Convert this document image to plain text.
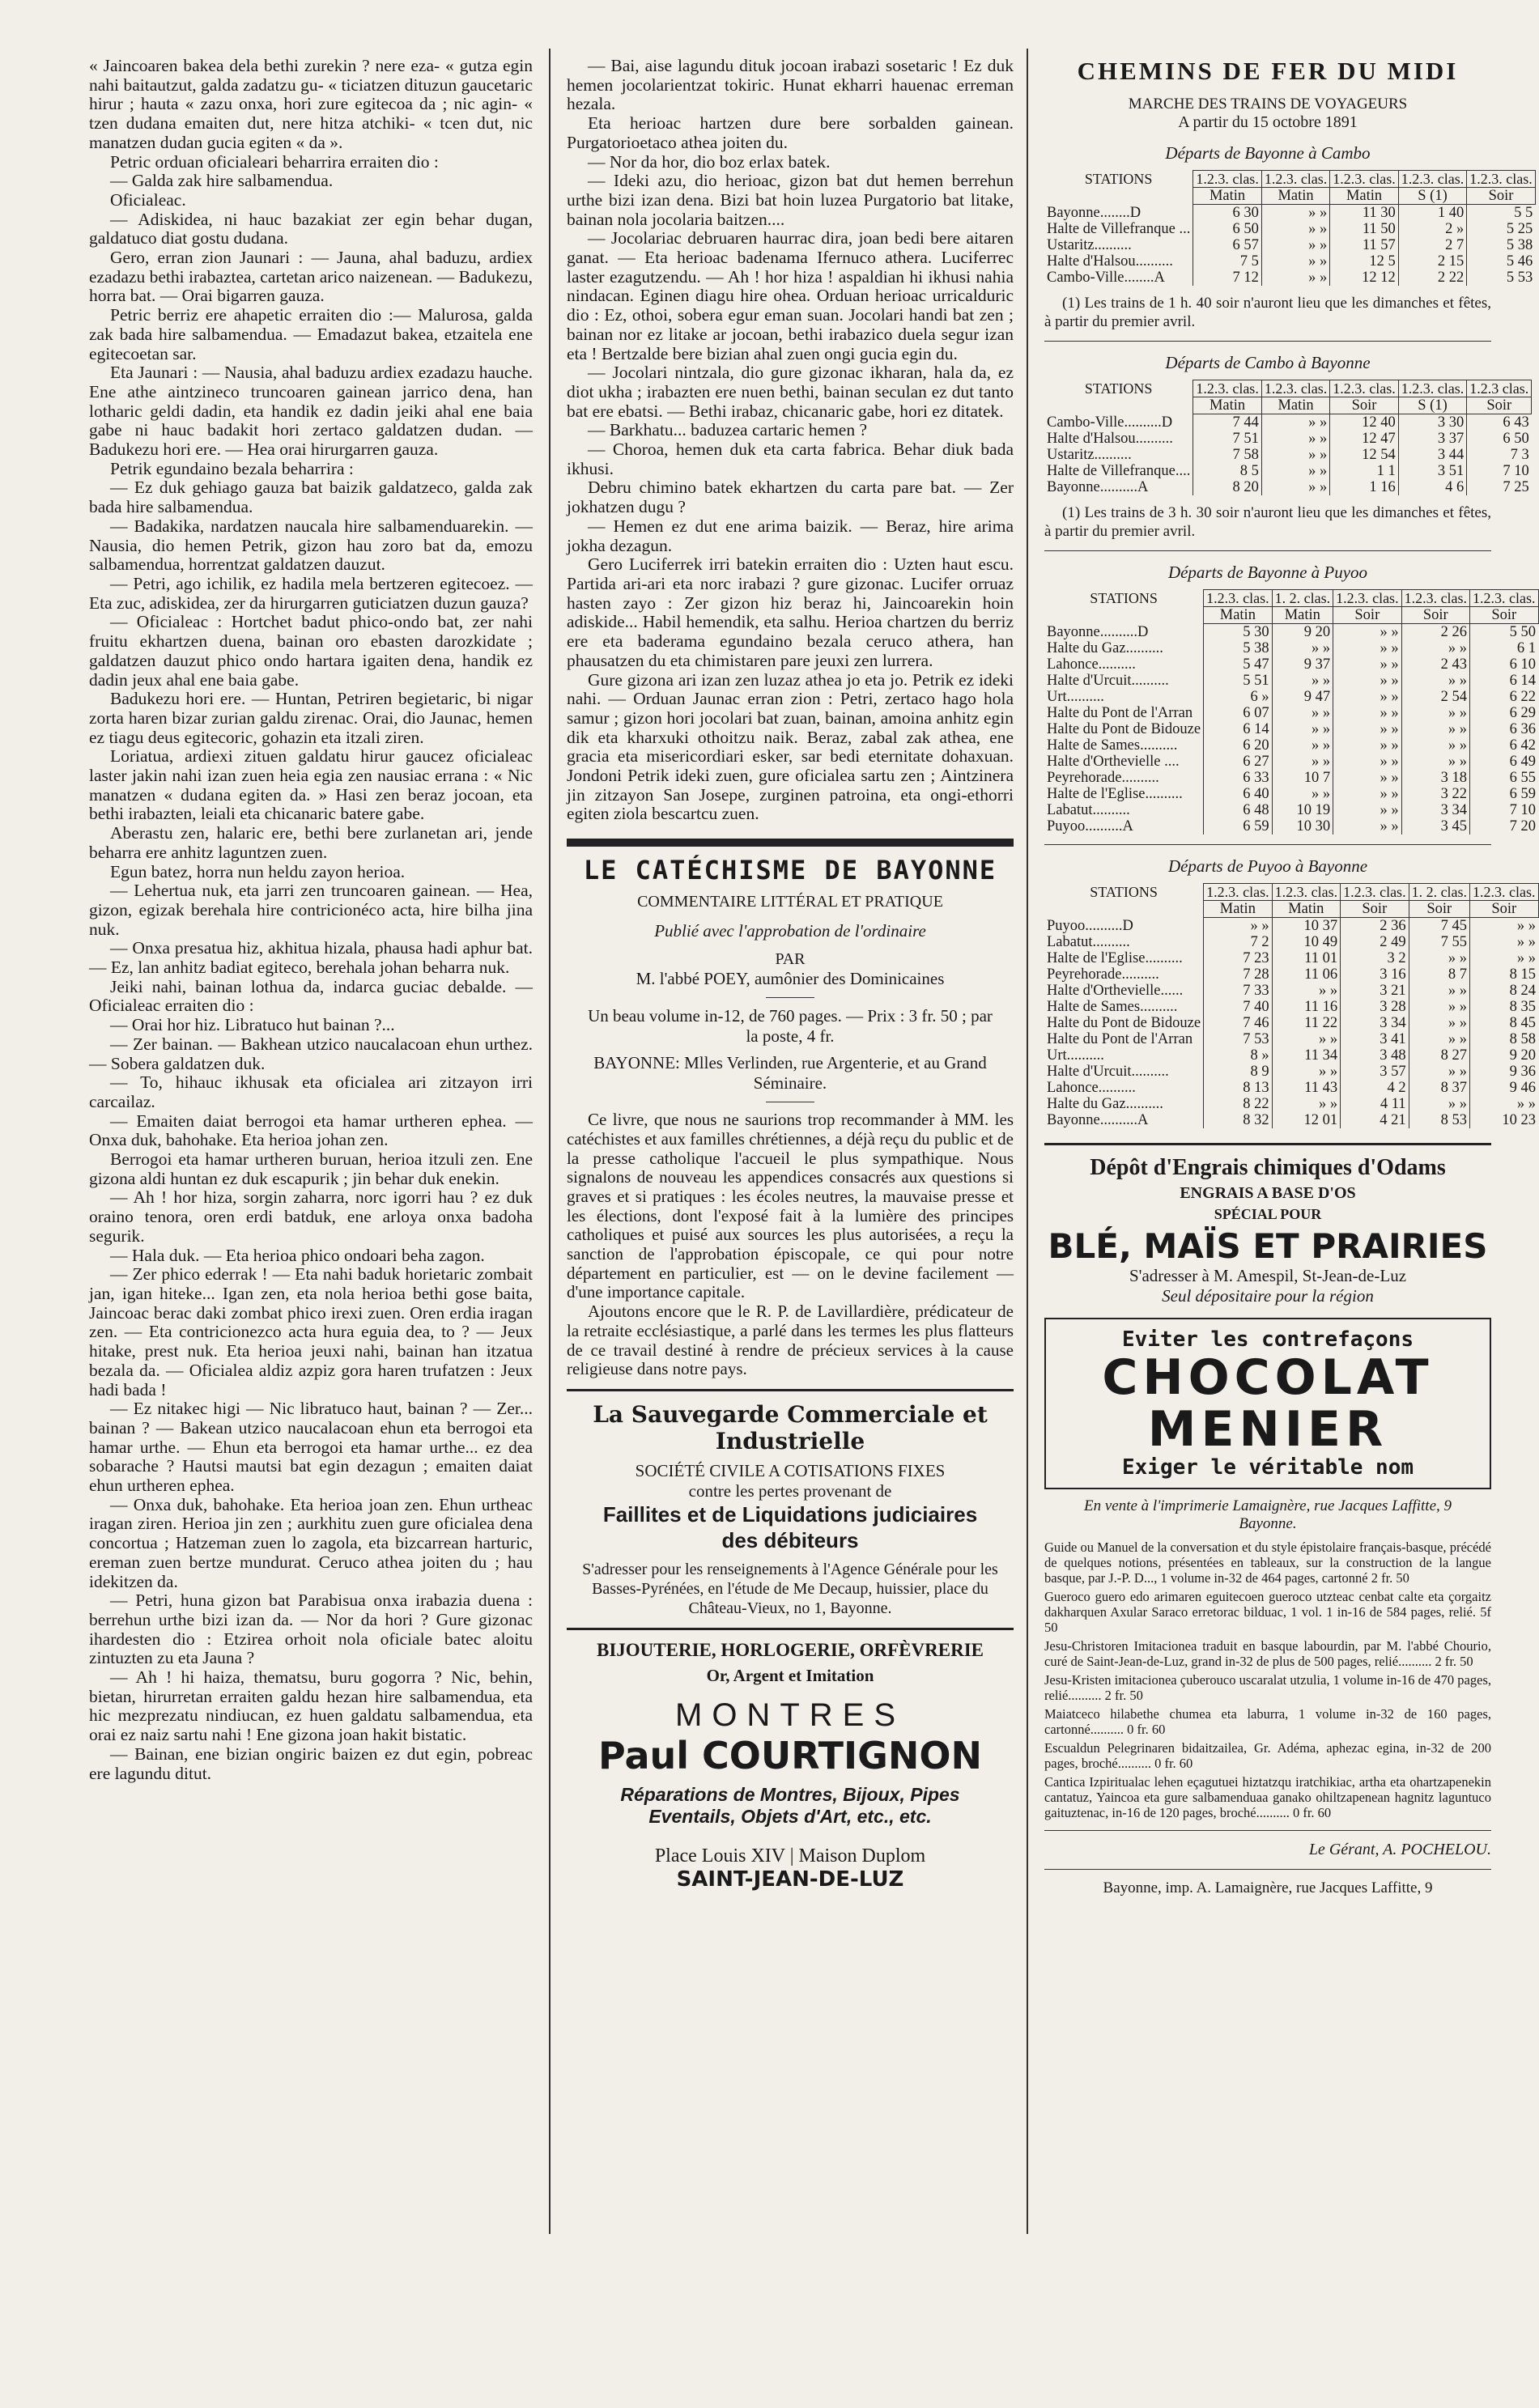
« Jaincoaren bakea dela bethi zurekin ? nere eza- « gutza egin nahi baitautzut, galda zadatzu gu- « ticiatzen dituzun gaucetaric hirur ; hauta « zazu onxa, hori zure egitecoa da ; nic agin- « tzen dudana emaiten dut, nere hitza atchiki- « tcen dut, nic manatzen dudan gucia egiten « da ».

Petric orduan oficialeari beharrira erraiten dio :

— Galda zak hire salbamendua.

Oficialeac.

— Adiskidea, ni hauc bazakiat zer egin behar dugan, galdatuco diat gostu dudana.

Gero, erran zion Jaunari : — Jauna, ahal baduzu, ardiex ezadazu bethi irabaztea, cartetan arico naizenean. — Badukezu, horra bat. — Orai bigarren gauza.

Petric berriz ere ahapetic erraiten dio :— Malurosa, galda zak bada hire salbamendua. — Emadazut bakea, etzaitela ene egitecoetan sar.

Eta Jaunari : — Nausia, ahal baduzu ardiex ezadazu hauche. Ene athe aintzineco truncoaren gainean jarrico dena, han lotharic geldi dadin, eta handik ez dadin jeiki ahal ene baia gabe ni hauc badakit hori zertaco galdatzen dudan. — Badukezu hori ere. — Hea orai hirurgarren gauza.

Petrik egundaino bezala beharrira :

— Ez duk gehiago gauza bat baizik galdatzeco, galda zak bada hire salbamendua.

— Badakika, nardatzen naucala hire salbamenduarekin. — Nausia, dio hemen Petrik, gizon hau zoro bat da, emozu salbamendua, horrentzat galdatzen dauzut.

— Petri, ago ichilik, ez hadila mela bertzeren egitecoez. — Eta zuc, adiskidea, zer da hirurgarren guticiatzen duzun gauza?

— Oficialeac : Hortchet badut phico-ondo bat, zer nahi fruitu ekhartzen duena, bainan oro ebasten darozkidate ; galdatzen dauzut phico ondo hartara igaiten dena, handik ez dadin jeux ahal ene baia gabe.

Badukezu hori ere. — Huntan, Petriren begietaric, bi nigar zorta haren bizar zurian galdu zirenac. Orai, dio Jaunac, hemen ez tiagu deus egitecoric, gohazin eta itzali ziren.

Loriatua, ardiexi zituen galdatu hirur gaucez oficialeac laster jakin nahi izan zuen heia egia zen nausiac errana : « Nic manatzen « dudana egiten da. » Hasi zen beraz jocoan, eta bethi irabazten, leiali eta chicanaric batere gabe.

Aberastu zen, halaric ere, bethi bere zurlanetan ari, jende beharra ere anhitz laguntzen zuen.

Egun batez, horra nun heldu zayon herioa.

— Lehertua nuk, eta jarri zen truncoaren gainean. — Hea, gizon, egizak berehala hire contricionéco acta, hire bilha jina nuk.

— Onxa presatua hiz, akhitua hizala, phausa hadi aphur bat. — Ez, lan anhitz badiat egiteco, berehala johan beharra nuk.

Jeiki nahi, bainan lothua da, indarca guciac debalde. — Oficialeac erraiten dio :

— Orai hor hiz. Libratuco hut bainan ?...

— Zer bainan. — Bakhean utzico naucalacoan ehun urthez. — Sobera galdatzen duk.

— To, hihauc ikhusak eta oficialea ari zitzayon irri carcailaz.

— Emaiten daiat berrogoi eta hamar urtheren ephea. — Onxa duk, bahohake. Eta herioa johan zen.

Berrogoi eta hamar urtheren buruan, herioa itzuli zen. Ene gizona aldi huntan ez duk escapurik ; jin behar duk enekin.

— Ah ! hor hiza, sorgin zaharra, norc igorri hau ? ez duk oraino tenora, oren erdi batduk, ene arloya onxa badoha segurik.

— Hala duk. — Eta herioa phico ondoari beha zagon.

— Zer phico ederrak ! — Eta nahi baduk horietaric zombait jan, igan hiteke... Igan zen, eta nola herioa bethi gose baita, Jaincoac berac daki zombat phico irexi zuen. Oren erdia iragan zen. — Eta contricionezco acta hura eguia dea, to ? — Jeux hitake, prest nuk. Eta herioa jeuxi nahi, bainan han itzatua bezala da. — Oficialea aldiz azpiz gora haren trufatzen : Jeux hadi bada !

— Ez nitakec higi — Nic libratuco haut, bainan ? — Zer... bainan ? — Bakean utzico naucalacoan ehun eta berrogoi eta hamar urthe. — Ehun eta berrogoi eta hamar urthe... ez dea sobarache ? Hautsi mautsi bat egin dezagun ; emaiten daiat ehun urtheren ephea.

— Onxa duk, bahohake. Eta herioa joan zen. Ehun urtheac iragan ziren. Herioa jin zen ; aurkhitu zuen gure oficialea dena concortua ; Hatzeman zuen lo zagola, eta bizcarrean harturic, ereman zuen bertze mundurat. Ceruco athea joiten du ; hau idekitzen da.

— Petri, huna gizon bat Parabisua onxa irabazia duena : berrehun urthe bizi izan da. — Nor da hori ? Gure gizonac ihardesten dio : Etzirea orhoit nola oficiale batec aloitu zintuzten zu eta Jauna ?

— Ah ! hi haiza, thematsu, buru gogorra ? Nic, behin, bietan, hirurretan erraiten galdu hezan hire salbamendua, eta hic mezprezatu nindiucan, ez huen galdatu salbamendua, eta orai ez naiz sartu nahi ! Ene gizona joan hakit bistatic.

— Bainan, ene bizian ongiric baizen ez dut egin, pobreac ere lagundu ditut.

— Bai, aise lagundu dituk jocoan irabazi sosetaric ! Ez duk hemen jocolarientzat tokiric. Hunat ekharri hauenac erreman hezala.

Eta herioac hartzen dure bere sorbalden gainean. Purgatorioetaco athea joiten du.

— Nor da hor, dio boz erlax batek.

— Ideki azu, dio herioac, gizon bat dut hemen berrehun urthe bizi izan dena. Bizi bat hoin luzea Purgatorio bat litake, bainan nola jocolaria baitzen....

— Jocolariac debruaren haurrac dira, joan bedi bere aitaren ganat. — Eta herioac badenama Ifernuco athera. Luciferrec laster ezagutzendu. — Ah ! hor hiza ! aspaldian hi ikhusi nahia nindacan. Eginen diagu hire ohea. Orduan herioac urricalduric dio : Ez, othoi, sobera egur eman suan. Jocolari handi bat zen ; bainan nor ez litake ar jocoan, bethi irabazico duela segur izan eta ! Bertzalde bere bizian ahal zuen ongi gucia egin du.

— Jocolari nintzala, dio gure gizonac ikharan, hala da, ez diot ukha ; irabazten ere nuen bethi, bainan seculan ez dut tanto bat ere ebatsi. — Bethi irabaz, chicanaric gabe, hori ez ditatek.

— Barkhatu... baduzea cartaric hemen ?

— Choroa, hemen duk eta carta fabrica. Behar diuk bada ikhusi.

Debru chimino batek ekhartzen du carta pare bat. — Zer jokhatzen dugu ?

— Hemen ez dut ene arima baizik. — Beraz, hire arima jokha dezagun.

Gero Luciferrek irri batekin erraiten dio : Uzten haut escu. Partida ari-ari eta norc irabazi ? gure gizonac. Lucifer orruaz hasten zayo : Zer gizon hiz beraz hi, Jaincoarekin hoin adiskide... Habil hemendik, eta salhu. Herioa chartzen du berriz ere eta baderama egundaino bezala ceruco athera, han phausatzen du eta chimistaren pare jeuxi zen lurrera.

Gure gizona ari izan zen luzaz athea jo eta jo. Petrik ez ideki nahi. — Orduan Jaunac erran zion : Petri, zertaco hago hola samur ; gizon hori jocolari bat zuan, bainan, amoina anhitz egin dik eta kharxuki othoitzu naik. Beraz, zabal zak athea, ene gracia eta misericordiari esker, sar bedi eternitate dohaxuan. Jondoni Petrik ideki zuen, gure oficialea sartu zen ; Aintzinera jin zitzayon San Josepe, zurginen patroina, eta ongi-ethorri egiten ziola bescartcu zuen.

LE CATÉCHISME DE BAYONNE
COMMENTAIRE LITTÉRAL ET PRATIQUE
Publié avec l'approbation de l'ordinaire
PAR
M. l'abbé POEY, aumônier des Dominicaines
Un beau volume in-12, de 760 pages. — Prix : 3 fr. 50 ; par la poste, 4 fr.
BAYONNE: Mlles Verlinden, rue Argenterie, et au Grand Séminaire.

Ce livre, que nous ne saurions trop recommander à MM. les catéchistes et aux familles chrétiennes, a déjà reçu du public et de la presse catholique l'accueil le plus sympathique. Nous signalons de nouveau les appendices consacrés aux questions si graves et si pratiques : les écoles neutres, la mauvaise presse et les élections, dont l'exposé fait à la lumière des principes catholiques et puisé aux sources les plus autorisées, a reçu la sanction de l'approbation épiscopale, ce qui pour notre département en particulier, est — on le devine facilement — d'une importance capitale.

Ajoutons encore que le R. P. de Lavillardière, prédicateur de la retraite ecclésiastique, a parlé dans les termes les plus flatteurs de ce travail destiné à rendre de précieux services à la cause religieuse dans notre pays.

La Sauvegarde Commerciale et Industrielle
SOCIÉTÉ CIVILE A COTISATIONS FIXES
contre les pertes provenant de
Faillites et de Liquidations judiciaires des débiteurs
S'adresser pour les renseignements à l'Agence Générale pour les Basses-Pyrénées, en l'étude de Me Decaup, huissier, place du Château-Vieux, no 1, Bayonne.
BIJOUTERIE, HORLOGERIE, ORFÈVRERIE
Or, Argent et Imitation
MONTRES
Paul COURTIGNON
Réparations de Montres, Bijoux, Pipes Eventails, Objets d'Art, etc., etc.
Place Louis XIV | Maison Duplom
SAINT-JEAN-DE-LUZ
CHEMINS DE FER DU MIDI
MARCHE DES TRAINS DE VOYAGEURS
A partir du 15 octobre 1891
Départs de Bayonne à Cambo
STATIONS	1.2.3. clas.	1.2.3. clas.	1.2.3. clas.	1.2.3. clas.	1.2.3. clas.
	Matin	Matin	Matin	S (1)	Soir
Bayonne........D	6 30	» »	11 30	1 40	5 5
Halte de Villefranque ...	6 50	» »	11 50	2 »	5 25
Ustaritz..........	6 57	» »	11 57	2 7	5 38
Halte d'Halsou..........	7 5	» »	12 5	2 15	5 46
Cambo-Ville........A	7 12	» »	12 12	2 22	5 53

(1) Les trains de 1 h. 40 soir n'auront lieu que les dimanches et fêtes, à partir du premier avril.

Départs de Cambo à Bayonne
STATIONS	1.2.3. clas.	1.2.3. clas.	1.2.3. clas.	1.2.3. clas.	1.2.3 clas.
	Matin	Matin	Soir	S (1)	Soir
Cambo-Ville..........D	7 44	» »	12 40	3 30	6 43
Halte d'Halsou..........	7 51	» »	12 47	3 37	6 50
Ustaritz..........	7 58	» »	12 54	3 44	7 3
Halte de Villefranque....	8 5	» »	1 1	3 51	7 10
Bayonne..........A	8 20	» »	1 16	4 6	7 25

(1) Les trains de 3 h. 30 soir n'auront lieu que les dimanches et fêtes, à partir du premier avril.

Départs de Bayonne à Puyoo
STATIONS	1.2.3. clas.	1. 2. clas.	1.2.3. clas.	1.2.3. clas.	1.2.3. clas.
	Matin	Matin	Soir	Soir	Soir
Bayonne..........D	5 30	9 20	» »	2 26	5 50
Halte du Gaz..........	5 38	» »	» »	» »	6 1
Lahonce..........	5 47	9 37	» »	2 43	6 10
Halte d'Urcuit..........	5 51	» »	» »	» »	6 14
Urt..........	6 »	9 47	» »	2 54	6 22
Halte du Pont de l'Arran	6 07	» »	» »	» »	6 29
Halte du Pont de Bidouze	6 14	» »	» »	» »	6 36
Halte de Sames..........	6 20	» »	» »	» »	6 42
Halte d'Orthevielle ....	6 27	» »	» »	» »	6 49
Peyrehorade..........	6 33	10 7	» »	3 18	6 55
Halte de l'Eglise..........	6 40	» »	» »	3 22	6 59
Labatut..........	6 48	10 19	» »	3 34	7 10
Puyoo..........A	6 59	10 30	» »	3 45	7 20
Départs de Puyoo à Bayonne
STATIONS	1.2.3. clas.	1.2.3. clas.	1.2.3. clas.	1. 2. clas.	1.2.3. clas.
	Matin	Matin	Soir	Soir	Soir
Puyoo..........D	» »	10 37	2 36	7 45	» »
Labatut..........	7 2	10 49	2 49	7 55	» »
Halte de l'Eglise..........	7 23	11 01	3 2	» »	» »
Peyrehorade..........	7 28	11 06	3 16	8 7	8 15
Halte d'Orthevielle......	7 33	» »	3 21	» »	8 24
Halte de Sames..........	7 40	11 16	3 28	» »	8 35
Halte du Pont de Bidouze	7 46	11 22	3 34	» »	8 45
Halte du Pont de l'Arran	7 53	» »	3 41	» »	8 58
Urt..........	8 »	11 34	3 48	8 27	9 20
Halte d'Urcuit..........	8 9	» »	3 57	» »	9 36
Lahonce..........	8 13	11 43	4 2	8 37	9 46
Halte du Gaz..........	8 22	» »	4 11	» »	» »
Bayonne..........A	8 32	12 01	4 21	8 53	10 23
Dépôt d'Engrais chimiques d'Odams
ENGRAIS A BASE D'OS
SPÉCIAL POUR
BLÉ, MAÏS ET PRAIRIES
S'adresser à M. Amespil, St-Jean-de-Luz
Seul dépositaire pour la région
Eviter les contrefaçons
CHOCOLAT
MENIER
Exiger le véritable nom
En vente à l'imprimerie Lamaignère, rue Jacques Laffitte, 9 Bayonne.

Guide ou Manuel de la conversation et du style épistolaire français-basque, précédé de quelques notions, présentées en tableaux, sur la construction de la langue basque, par J.-P. D..., 1 volume in-32 de 464 pages, cartonné 2 fr. 50

Gueroco guero edo arimaren eguitecoen gueroco utzteac cenbat calte eta çorgaitz dakharquen Axular Saraco erretorac bilduac, 1 vol. 1 in-16 de 584 pages, relié. 5f 50

Jesu-Christoren Imitacionea traduit en basque labourdin, par M. l'abbé Chourio, curé de Saint-Jean-de-Luz, grand in-32 de plus de 500 pages, relié.......... 2 fr. 50

Jesu-Kristen imitacionea çuberouco uscaralat utzulia, 1 volume in-16 de 470 pages, relié.......... 2 fr. 50

Maiatceco hilabethe chumea eta laburra, 1 volume in-32 de 160 pages, cartonné.......... 0 fr. 60

Escualdun Pelegrinaren bidaitzailea, Gr. Adéma, aphezac egina, in-32 de 200 pages, broché.......... 0 fr. 60

Cantica Izpiritualac lehen eçagutuei hiztatzqu iratchikiac, artha eta ohartzapenekin cantatuz, Yaincoa eta gure salbamenduaa ganako ohiltzapenean hagnitz laguntuco gaituztenac, in-16 de 120 pages, broché.......... 0 fr. 60

Le Gérant, A. POCHELOU.
Bayonne, imp. A. Lamaignère, rue Jacques Laffitte, 9
